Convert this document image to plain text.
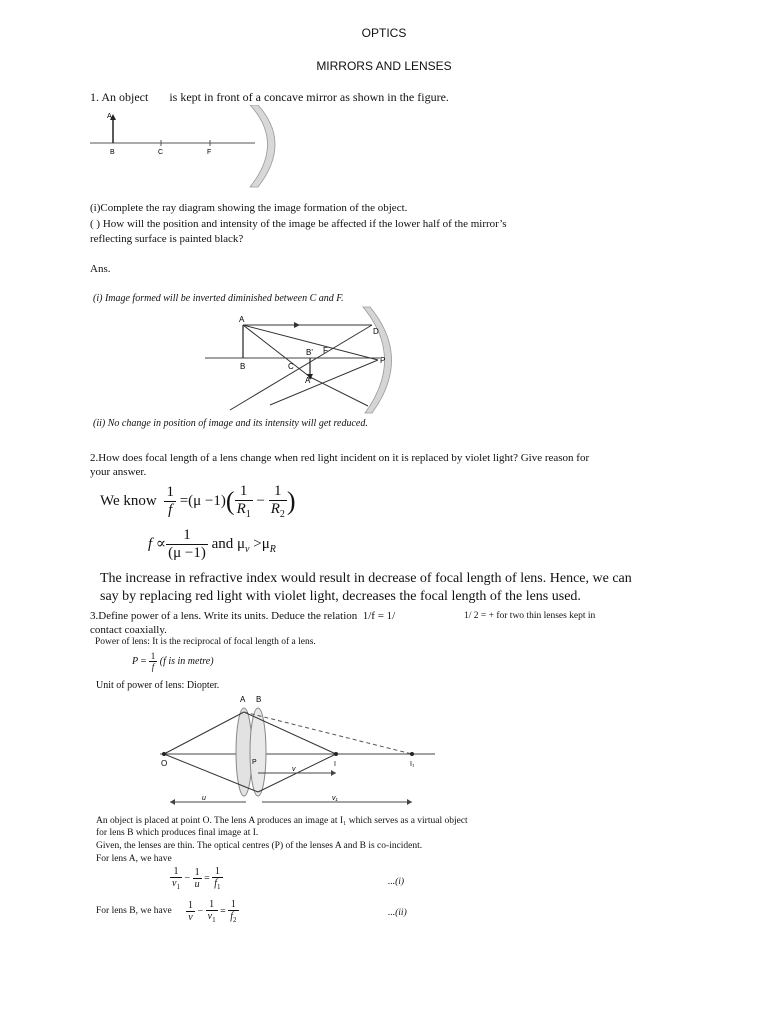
OPTICS
MIRRORS AND LENSES
1. An object       is kept in front of a concave mirror as shown in the figure.
A
B	C	F
(i)Complete the ray diagram showing the image formation of the object.
( ) How will the position and intensity of the image be affected if the lower half of the mirror’s
reflecting surface is painted black?
Ans.
(i) Image formed will be inverted diminished between C and F.
A
B	C
B' F
A'
D
P
(ii) No change in position of image and its intensity will get reduced.
2.How does focal length of a lens change when red light incident on it is replaced by violet light? Give reason for
your answer.
We know $\frac{1}{f} =(\mu -1)( \frac{1}{R_1} - \frac{1}{R_2}$ )
$f \propto \frac{1}{(\mu -1)}$ and $\mu_v >\mu_R$
The increase in refractive index would result in decrease of focal length of lens. Hence, we can
say by replacing red light with violet light, decreases the focal length of the lens used.
3.Define power of a lens. Write its units. Deduce the relation  1/f = 1/	1/ 2 = + for two thin lenses kept in
contact coaxially.
Power of lens: It is the reciprocal of focal length of a lens.
$P = \frac{1}{f} (f$ is in metre)
Unit of power of lens: Diopter.
A B
O	P	I	I₁
v
u	v₁
An object is placed at point O. The lens A produces an image at I₁ which serves as a virtual object
for lens B which produces final image at I.
Given, the lenses are thin. The optical centres (P) of the lenses A and B is co-incident.
For lens A, we have
$\frac{1}{v_1} - \frac{1}{u} = \frac{1}{f_1}$	...(i)
For lens B, we have $\frac{1}{v} - \frac{1}{v_1} = \frac{1}{f_2}$	...(ii)
